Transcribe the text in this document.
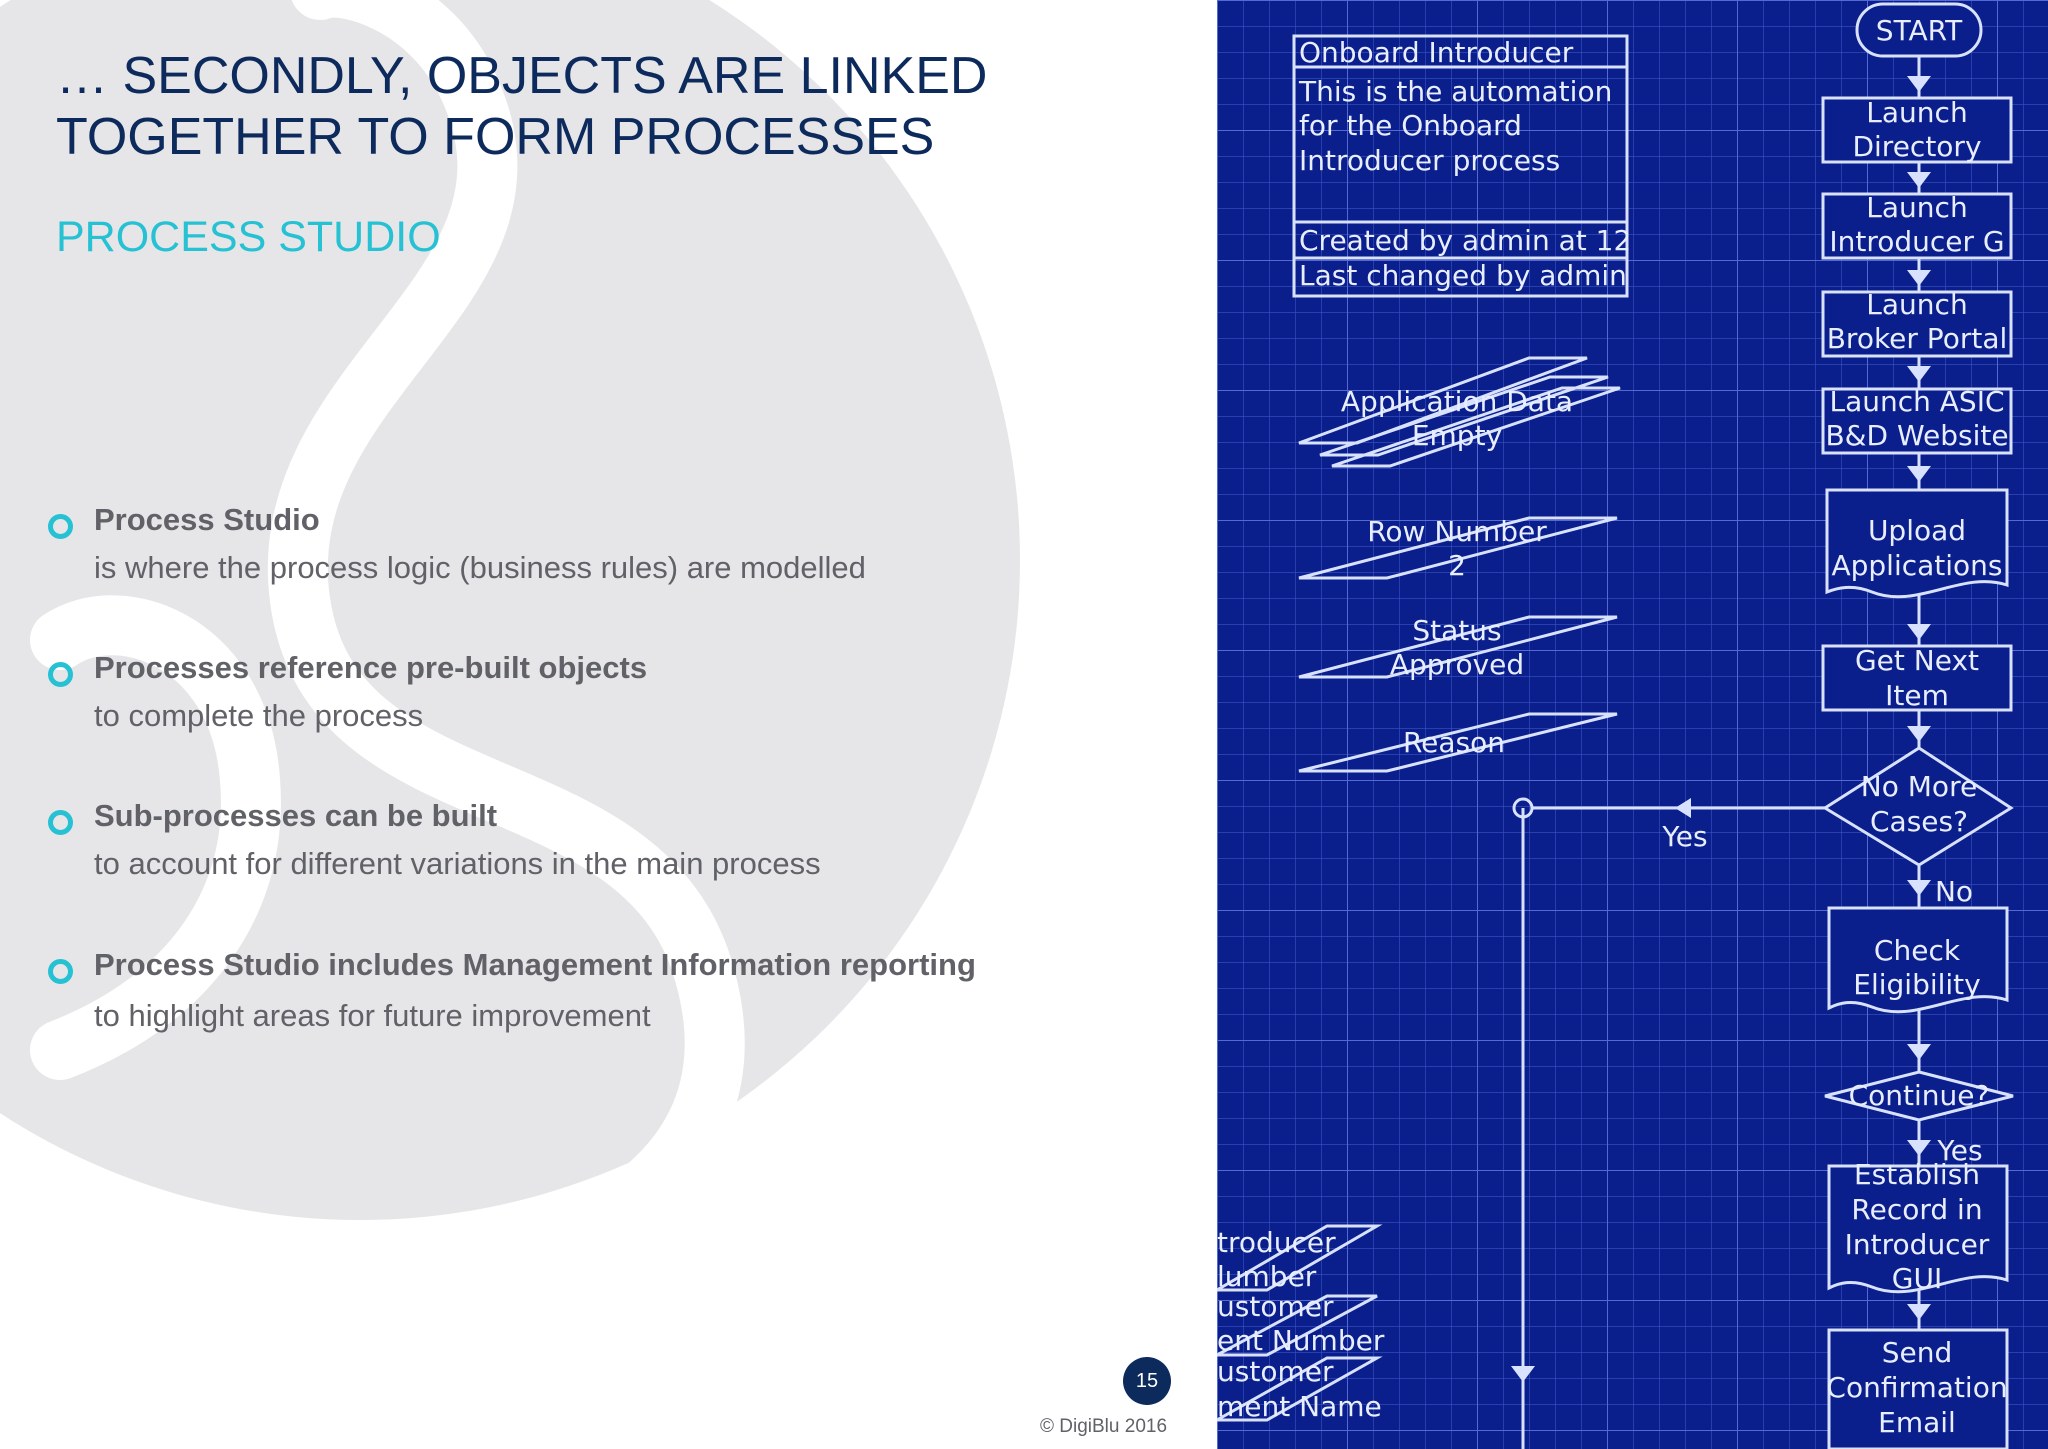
… SECONDLY, OBJECTS ARE LINKED
TOGETHER TO FORM PROCESSES
PROCESS STUDIO
Process Studio
is where the process logic (business rules) are modelled
Processes reference pre-built objects
to complete the process
Sub-processes can be built
to account for different variations in the main process
Process Studio includes Management Information reporting
to highlight areas for future improvement
15
© DigiBlu 2016
Onboard Introducer
This is the automation
for the Onboard
Introducer process
Created by admin at 12
Last changed by admin
Application Data
Empty
Row Number
2
Status
Approved
Reason
START
Launch
Directory
Launch
Introducer G
Launch
Broker Portal
Launch ASIC
B&D Website
Upload
Applications
Get Next
Item
No More
Cases?
Yes
No
Check
Eligibility
Continue?
Yes
Establish
Record in
Introducer
GUI
Send
Confirmation
Email
troducer
lumber
ustomer
ent Number
ustomer
ment Name
